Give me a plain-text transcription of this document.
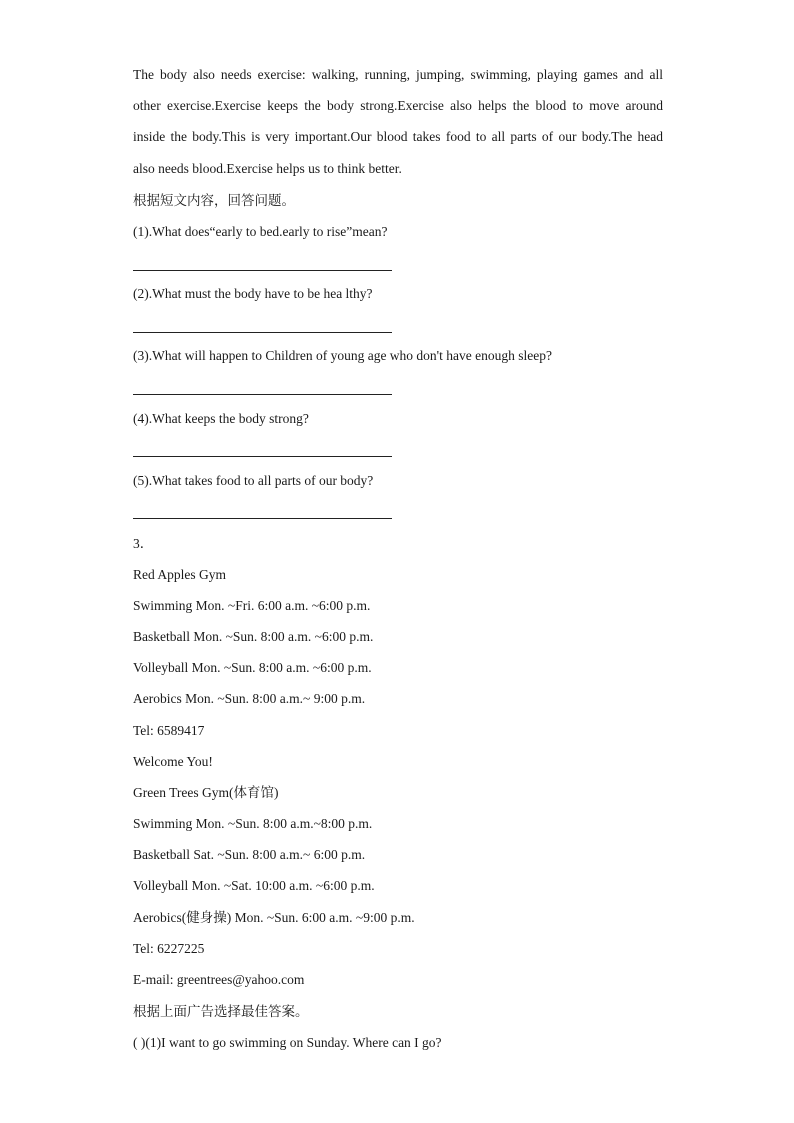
The body also needs exercise: walking, running, jumping, swimming, playing games and all
other exercise.Exercise keeps the body strong.Exercise also helps the blood to move around
inside the body.This is very important.Our blood takes food to all parts of our body.The head
also needs blood.Exercise helps us to think better.
根据短文内容，回答问题。
(1).What does“early to bed.early to rise”mean?
(2).What must the body have to be hea lthy?
(3).What will happen to Children of young age who don't have enough sleep?
(4).What keeps the body strong?
(5).What takes food to all parts of our body?
3．
Red Apples Gym
Swimming Mon. ~Fri. 6:00 a.m. ~6:00 p.m.
Basketball Mon. ~Sun. 8:00 a.m. ~6:00 p.m.
Volleyball Mon. ~Sun. 8:00 a.m. ~6:00 p.m.
Aerobics Mon. ~Sun. 8:00 a.m.~ 9:00 p.m.
Tel: 6589417
Welcome You!
Green Trees Gym(体育馆)
Swimming Mon. ~Sun. 8:00 a.m.~8:00 p.m.
Basketball Sat. ~Sun. 8:00 a.m.~ 6:00 p.m.
Volleyball Mon. ~Sat. 10:00 a.m. ~6:00 p.m.
Aerobics(健身操) Mon. ~Sun. 6:00 a.m. ~9:00 p.m.
Tel: 6227225
E-mail: greentrees@yahoo.com
根据上面广告选择最佳答案。
( )(1)I want to go swimming on Sunday. Where can I go?
